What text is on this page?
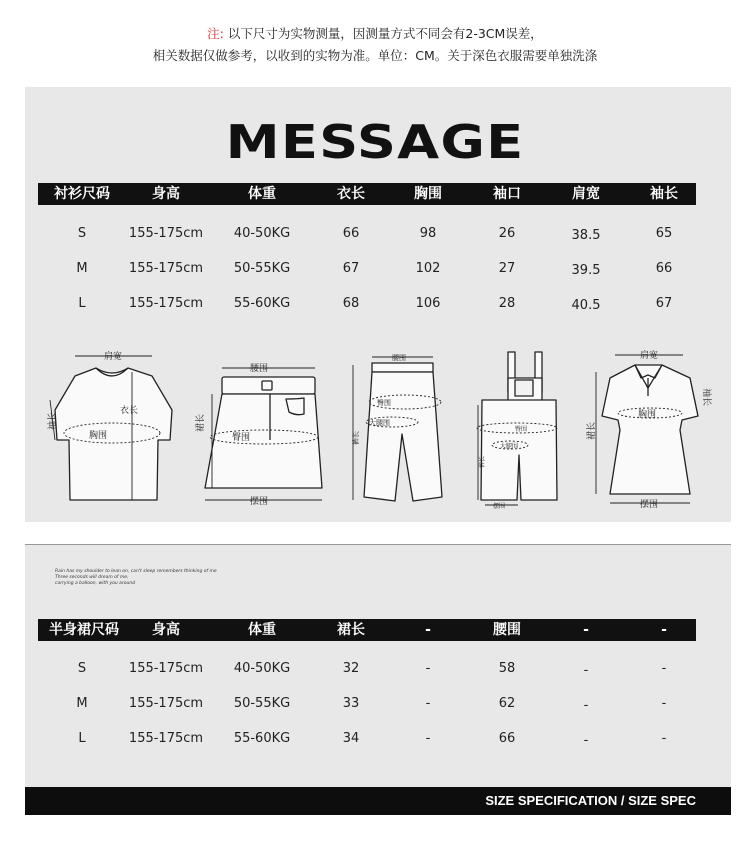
注: 以下尺寸为实物测量，因测量方式不同会有2-3CM误差，
相关数据仅做参考，以收到的实物为准。单位：CM。关于深色衣服需要单独洗涤
MESSAGE
衬衫尺码	身高	体重	衣长	胸围	袖口	肩宽	袖长
S	155-175cm 40-50KG	66	98	26	38.5	65
M	155-175cm 50-55KG	67	102	27	39.5	66
L	155-175cm 55-60KG	68	106	28	40.5	67
肩宽
衣长
胸围
袖长
腰围
臀围
摆围
裙长
腰围
臀围
大腿围
裤长
臀围
大腿围
摆围
裤长
肩宽
胸围
摆围
裙长
袖长
Rain has my shoulder to lean on, can't sleep remembers thinking of me
Three seconds will dream of me,
carrying a balloon, with you around
半身裙尺码 身高	体重	裙长	-	腰围	-	-
S	155-175cm 40-50KG	32	-	58	-	-
M	155-175cm 50-55KG	33	-	62	-	-
L	155-175cm 55-60KG	34	-	66	-	-
SIZE SPECIFICATION / SIZE SPEC
